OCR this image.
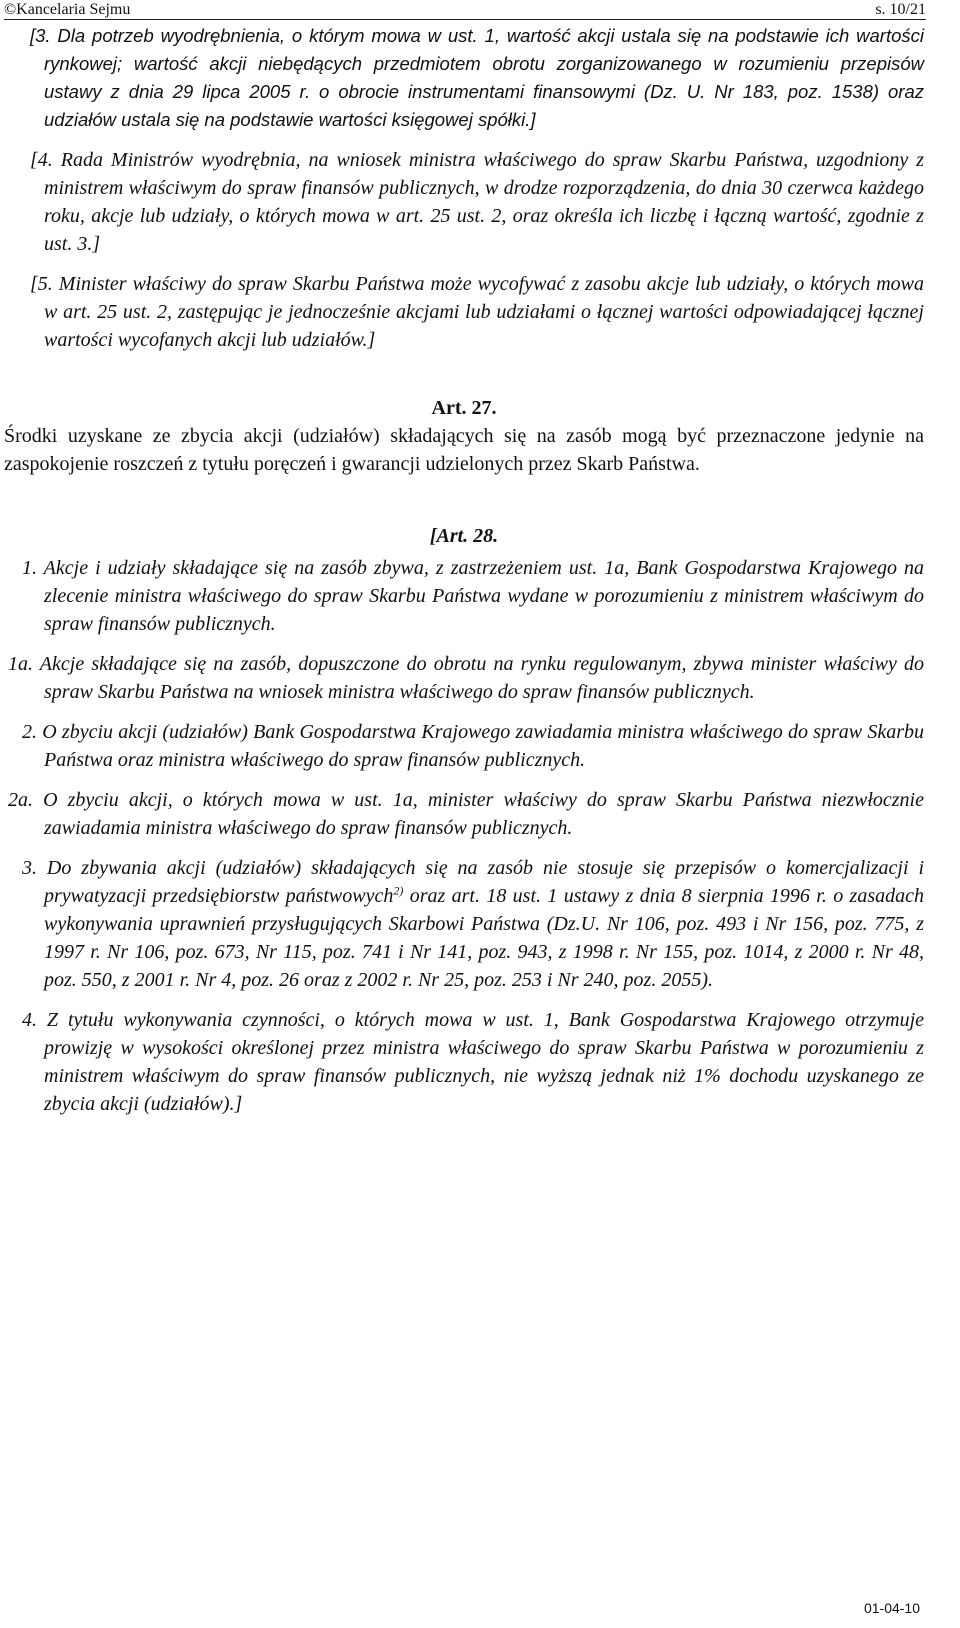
©Kancelaria Sejmu	s. 10/21

[3. Dla potrzeb wyodrębnienia, o którym mowa w ust. 1, wartość akcji ustala się na podstawie ich wartości rynkowej; wartość akcji niebędących przedmiotem obrotu zorganizowanego w rozumieniu przepisów ustawy z dnia 29 lipca 2005 r. o obrocie instrumentami finansowymi (Dz. U. Nr 183, poz. 1538) oraz udziałów ustala się na podstawie wartości księgowej spółki.]

[4. Rada Ministrów wyodrębnia, na wniosek ministra właściwego do spraw Skarbu Państwa, uzgodniony z ministrem właściwym do spraw finansów publicznych, w drodze rozporządzenia, do dnia 30 czerwca każdego roku, akcje lub udziały, o których mowa w art. 25 ust. 2, oraz określa ich liczbę i łączną wartość, zgodnie z ust. 3.]

[5. Minister właściwy do spraw Skarbu Państwa może wycofywać z zasobu akcje lub udziały, o których mowa w art. 25 ust. 2, zastępując je jednocześnie akcjami lub udziałami o łącznej wartości odpowiadającej łącznej wartości wycofanych akcji lub udziałów.]

Art. 27.

Środki uzyskane ze zbycia akcji (udziałów) składających się na zasób mogą być przeznaczone jedynie na zaspokojenie roszczeń z tytułu poręczeń i gwarancji udzielonych przez Skarb Państwa.

[Art. 28.

1. Akcje i udziały składające się na zasób zbywa, z zastrzeżeniem ust. 1a, Bank Gospodarstwa Krajowego na zlecenie ministra właściwego do spraw Skarbu Państwa wydane w porozumieniu z ministrem właściwym do spraw finansów publicznych.

1a. Akcje składające się na zasób, dopuszczone do obrotu na rynku regulowanym, zbywa minister właściwy do spraw Skarbu Państwa na wniosek ministra właściwego do spraw finansów publicznych.

2. O zbyciu akcji (udziałów) Bank Gospodarstwa Krajowego zawiadamia ministra właściwego do spraw Skarbu Państwa oraz ministra właściwego do spraw finansów publicznych.

2a. O zbyciu akcji, o których mowa w ust. 1a, minister właściwy do spraw Skarbu Państwa niezwłocznie zawiadamia ministra właściwego do spraw finansów publicznych.

3. Do zbywania akcji (udziałów) składających się na zasób nie stosuje się przepisów o komercjalizacji i prywatyzacji przedsiębiorstw państwowych$^{2)}$ oraz art. 18 ust. 1 ustawy z dnia 8 sierpnia 1996 r. o zasadach wykonywania uprawnień przysługujących Skarbowi Państwa (Dz.U. Nr 106, poz. 493 i Nr 156, poz. 775, z 1997 r. Nr 106, poz. 673, Nr 115, poz. 741 i Nr 141, poz. 943, z 1998 r. Nr 155, poz. 1014, z 2000 r. Nr 48, poz. 550, z 2001 r. Nr 4, poz. 26 oraz z 2002 r. Nr 25, poz. 253 i Nr 240, poz. 2055).

4. Z tytułu wykonywania czynności, o których mowa w ust. 1, Bank Gospodarstwa Krajowego otrzymuje prowizję w wysokości określonej przez ministra właściwego do spraw Skarbu Państwa w porozumieniu z ministrem właściwym do spraw finansów publicznych, nie wyższą jednak niż 1% dochodu uzyskanego ze zbycia akcji (udziałów).]

01-04-10
